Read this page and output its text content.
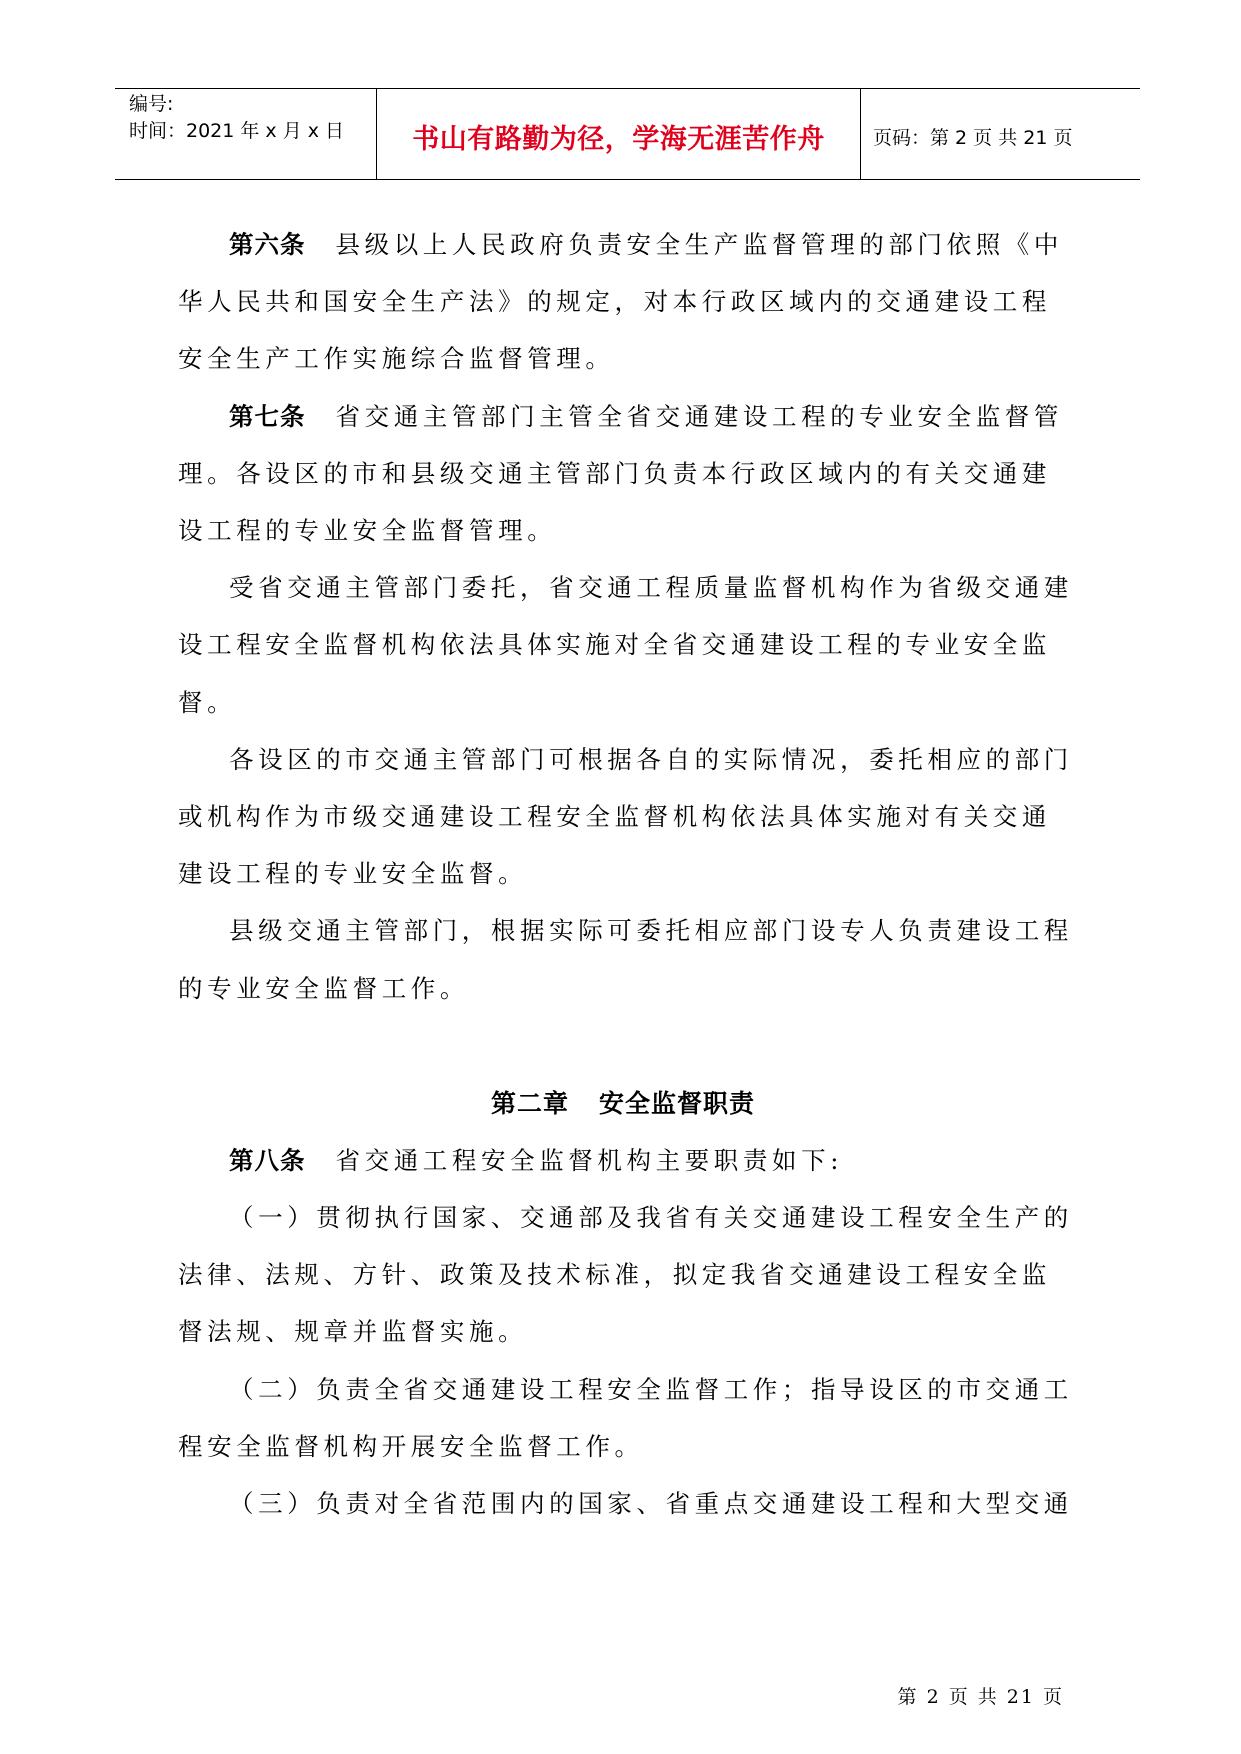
编号:
时间：2021 年 x 月 x 日	书山有路勤为径，学海无涯苦作舟	页码：第 2 页 共 21 页

第六条 县级以上人民政府负责安全生产监督管理的部门依照《中华人民共和国安全生产法》的规定，对本行政区域内的交通建设工程安全生产工作实施综合监督管理。

第七条 省交通主管部门主管全省交通建设工程的专业安全监督管理。各设区的市和县级交通主管部门负责本行政区域内的有关交通建设工程的专业安全监督管理。

受省交通主管部门委托，省交通工程质量监督机构作为省级交通建设工程安全监督机构依法具体实施对全省交通建设工程的专业安全监督。

各设区的市交通主管部门可根据各自的实际情况，委托相应的部门或机构作为市级交通建设工程安全监督机构依法具体实施对有关交通建设工程的专业安全监督。

县级交通主管部门，根据实际可委托相应部门设专人负责建设工程的专业安全监督工作。

第二章 安全监督职责

第八条 省交通工程安全监督机构主要职责如下:

（一）贯彻执行国家、交通部及我省有关交通建设工程安全生产的法律、法规、方针、政策及技术标准，拟定我省交通建设工程安全监督法规、规章并监督实施。

（二）负责全省交通建设工程安全监督工作；指导设区的市交通工程安全监督机构开展安全监督工作。

（三）负责对全省范围内的国家、省重点交通建设工程和大型交通

第 2 页 共 21 页
